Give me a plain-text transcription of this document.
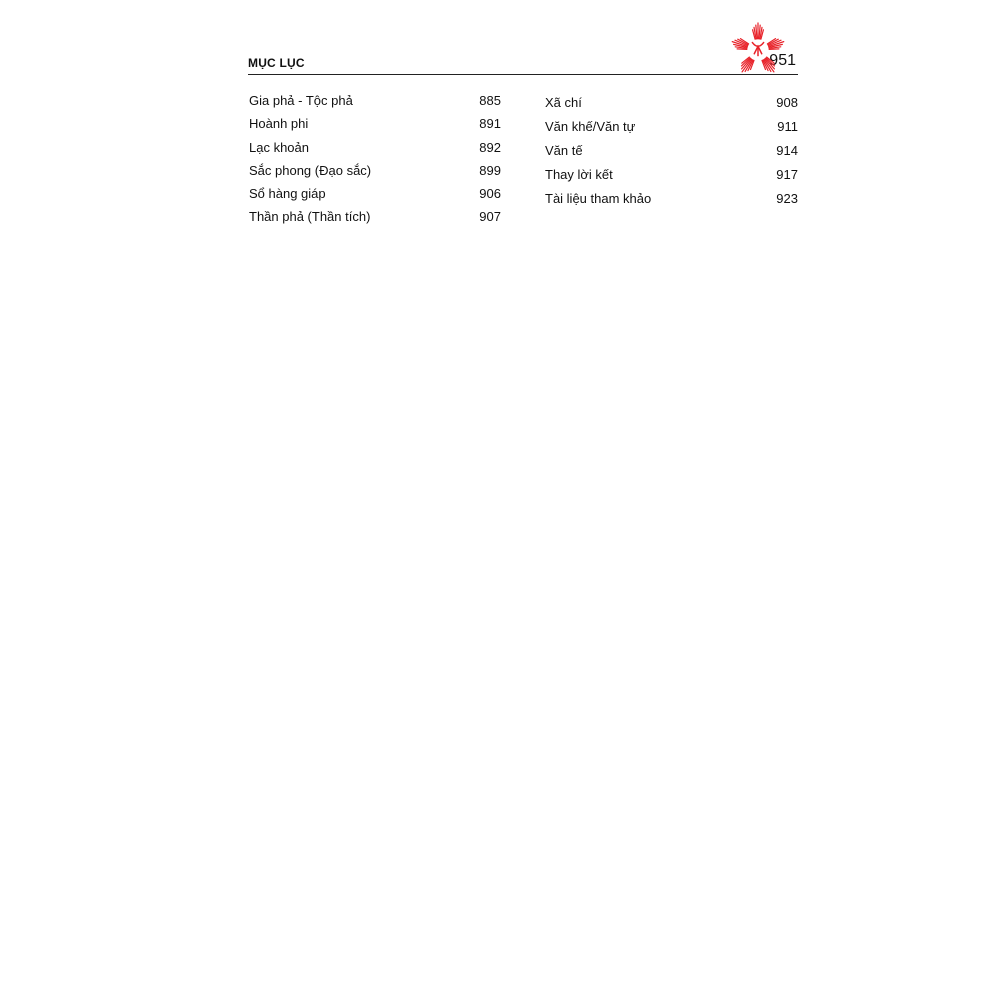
MỤC LỤC	951
Gia phả - Tộc phả	885
Hoành phi	891
Lạc khoản	892
Sắc phong (Đạo sắc)	899
Sổ hàng giáp	906
Thần phả (Thần tích)	907
Xã chí	908
Văn khế/Văn tự	911
Văn tế	914
Thay lời kết	917
Tài liệu tham khảo	923
